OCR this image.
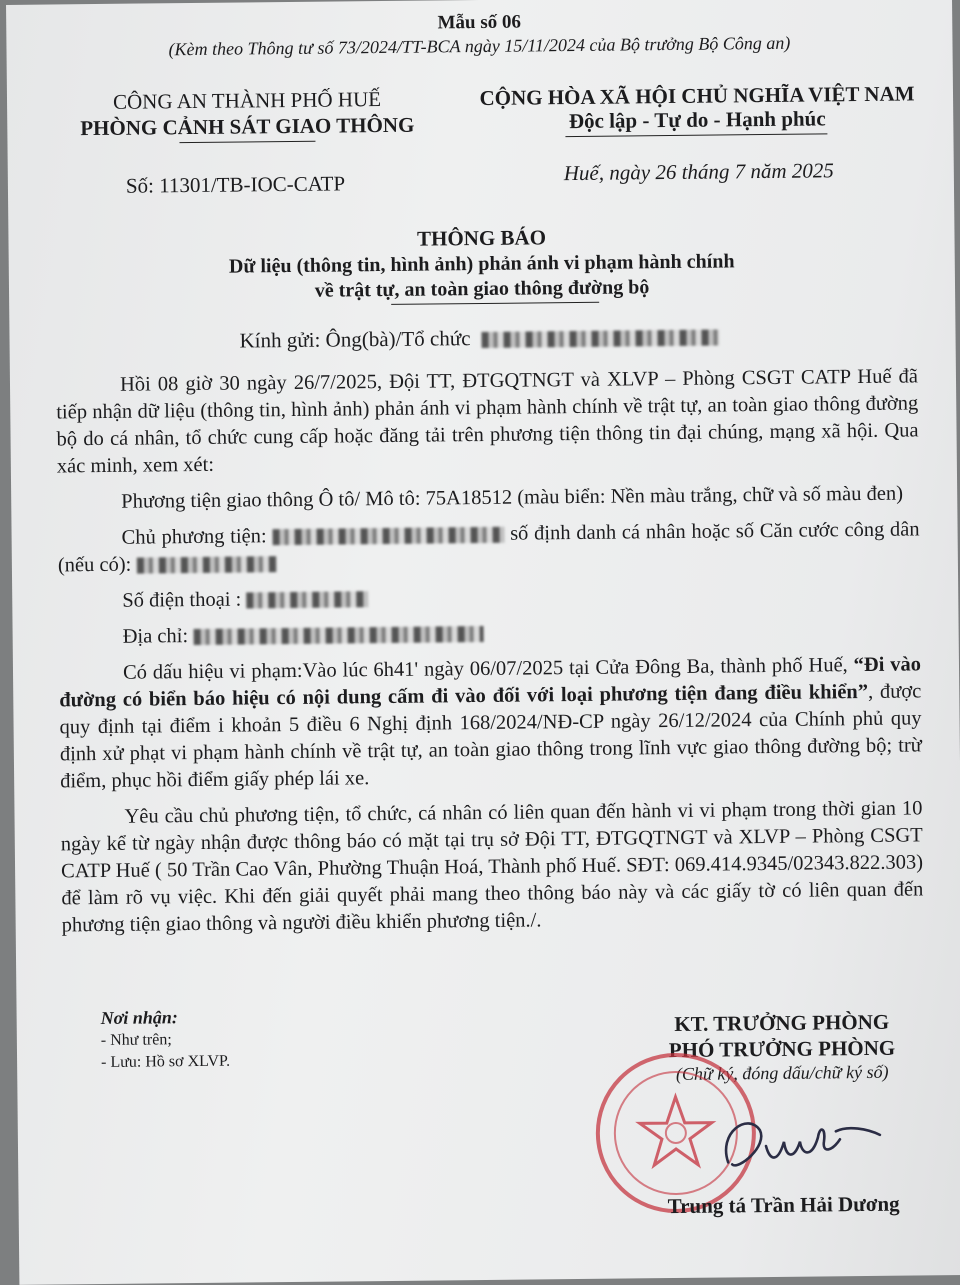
Mẫu số 06
(Kèm theo Thông tư số 73/2024/TT-BCA ngày 15/11/2024 của Bộ trưởng Bộ Công an)
CÔNG AN THÀNH PHỐ HUẾ
PHÒNG CẢNH SÁT GIAO THÔNG
CỘNG HÒA XÃ HỘI CHỦ NGHĨA VIỆT NAM
Độc lập - Tự do - Hạnh phúc
Số: 11301/TB-IOC-CATP	Huế, ngày 26 tháng 7 năm 2025
THÔNG BÁO
Dữ liệu (thông tin, hình ảnh) phản ánh vi phạm hành chính
về trật tự, an toàn giao thông đường bộ
Kính gửi: Ông(bà)/Tổ chức

Hồi 08 giờ 30 ngày 26/7/2025, Đội TT, ĐTGQTNGT và XLVP – Phòng CSGT CATP Huế đã tiếp nhận dữ liệu (thông tin, hình ảnh) phản ánh vi phạm hành chính về trật tự, an toàn giao thông đường bộ do cá nhân, tổ chức cung cấp hoặc đăng tải trên phương tiện thông tin đại chúng, mạng xã hội. Qua xác minh, xem xét:

Phương tiện giao thông Ô tô/ Mô tô: 75A18512 (màu biển: Nền màu trắng, chữ và số màu đen)

Chủ phương tiện:	số định danh cá nhân hoặc số Căn cước công dân (nếu có):

Số điện thoại :

Địa chỉ:

Có dấu hiệu vi phạm:Vào lúc 6h41' ngày 06/07/2025 tại Cửa Đông Ba, thành phố Huế, “Đi vào đường có biển báo hiệu có nội dung cấm đi vào đối với loại phương tiện đang điều khiển”, được quy định tại điểm i khoản 5 điều 6 Nghị định 168/2024/NĐ-CP ngày 26/12/2024 của Chính phủ quy định xử phạt vi phạm hành chính về trật tự, an toàn giao thông trong lĩnh vực giao thông đường bộ; trừ điểm, phục hồi điểm giấy phép lái xe.

Yêu cầu chủ phương tiện, tổ chức, cá nhân có liên quan đến hành vi vi phạm trong thời gian 10 ngày kể từ ngày nhận được thông báo có mặt tại trụ sở Đội TT, ĐTGQTNGT và XLVP – Phòng CSGT CATP Huế ( 50 Trần Cao Vân, Phường Thuận Hoá, Thành phố Huế. SĐT: 069.414.9345/02343.822.303) để làm rõ vụ việc. Khi đến giải quyết phải mang theo thông báo này và các giấy tờ có liên quan đến phương tiện giao thông và người điều khiển phương tiện./.

Nơi nhận:
- Như trên;
- Lưu: Hồ sơ XLVP.
KT. TRƯỞNG PHÒNG
PHÓ TRƯỞNG PHÒNG
(Chữ ký, đóng dấu/chữ ký số)
Trung tá Trần Hải Dương
